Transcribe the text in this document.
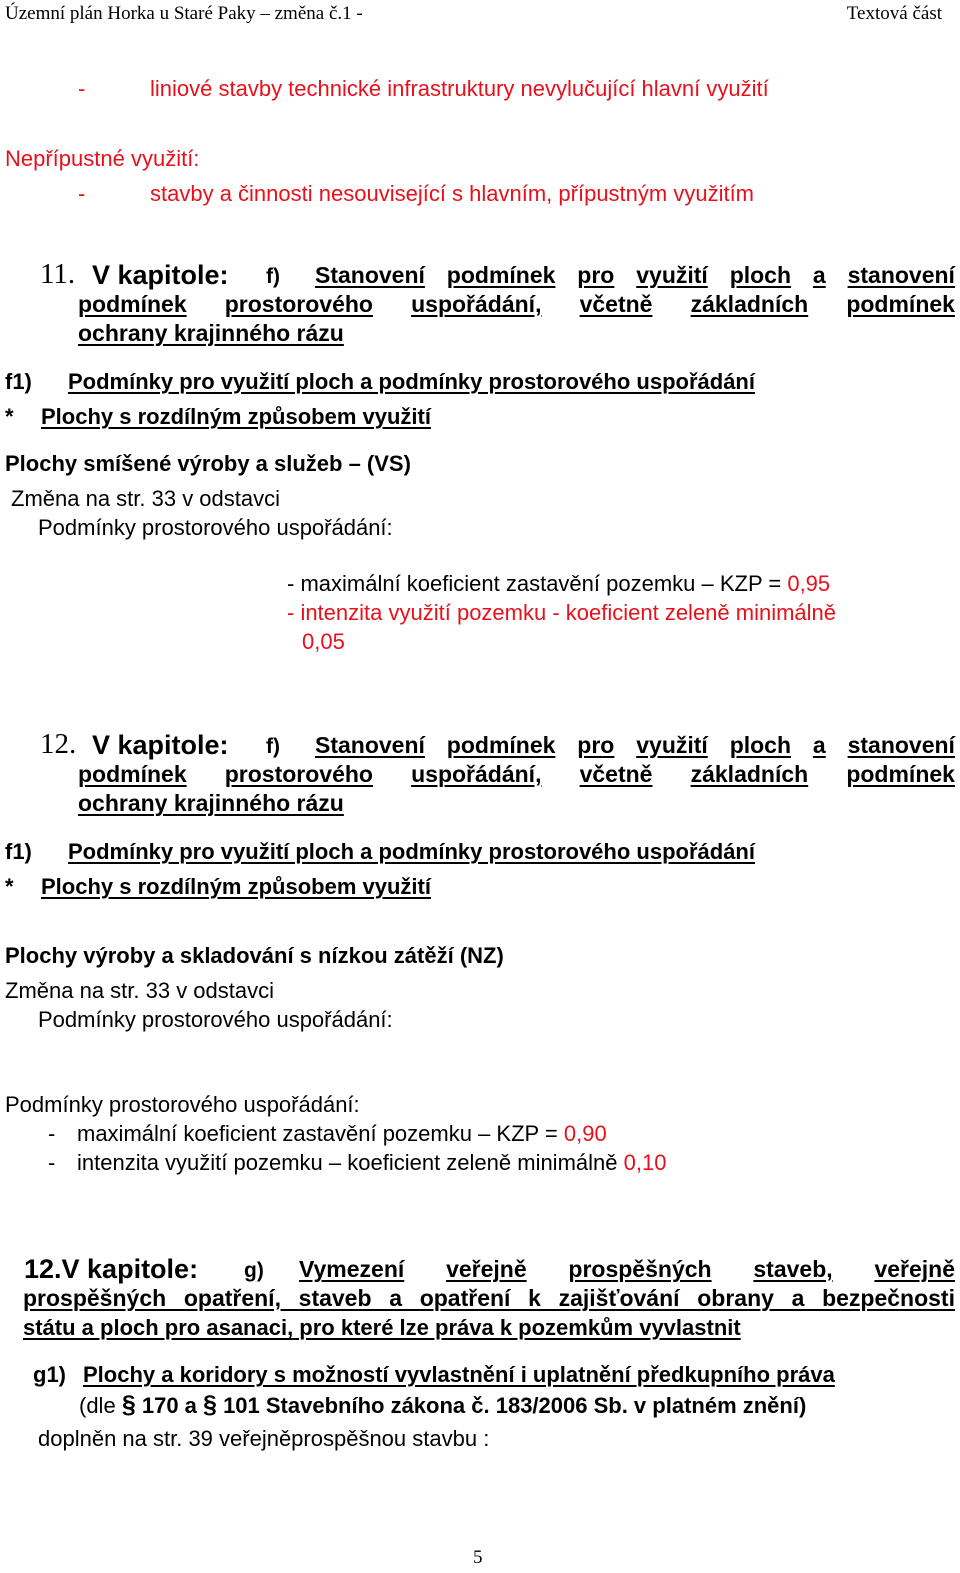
Územní plán Horka u Staré Paky – změna č.1 -	Textová část
-	liniové stavby technické infrastruktury nevylučující hlavní využití
Nepřípustné využití:
-	stavby a činnosti nesouvisející s hlavním, přípustným využitím
11. V kapitole: f) Stanovení podmínek pro využití ploch a stanovení
podmínek prostorového uspořádání, včetně základních podmínek
ochrany krajinného rázu
f1) Podmínky pro využití ploch a podmínky prostorového uspořádání
* Plochy s rozdílným způsobem využití
Plochy smíšené výroby a služeb – (VS)
Změna na str. 33 v odstavci
Podmínky prostorového uspořádání:
- maximální koeficient zastavění pozemku – KZP = 0,95
- intenzita využití pozemku - koeficient zeleně minimálně
0,05
12. V kapitole: f) Stanovení podmínek pro využití ploch a stanovení
podmínek prostorového uspořádání, včetně základních podmínek
ochrany krajinného rázu
f1) Podmínky pro využití ploch a podmínky prostorového uspořádání
* Plochy s rozdílným způsobem využití
Plochy výroby a skladování s nízkou zátěží (NZ)
Změna na str. 33 v odstavci
Podmínky prostorového uspořádání:
Podmínky prostorového uspořádání:
- maximální koeficient zastavění pozemku – KZP = 0,90
- intenzita využití pozemku – koeficient zeleně minimálně 0,10
12.V kapitole: g) Vymezení veřejně prospěšných staveb, veřejně
prospěšných opatření, staveb a opatření k zajišťování obrany a bezpečnosti
státu a ploch pro asanaci, pro které lze práva k pozemkům vyvlastnit
g1) Plochy a koridory s možností vyvlastnění i uplatnění předkupního práva
(dle § 170 a § 101 Stavebního zákona č. 183/2006 Sb. v platném znění)
doplněn na str. 39 veřejněprospěšnou stavbu :
5
